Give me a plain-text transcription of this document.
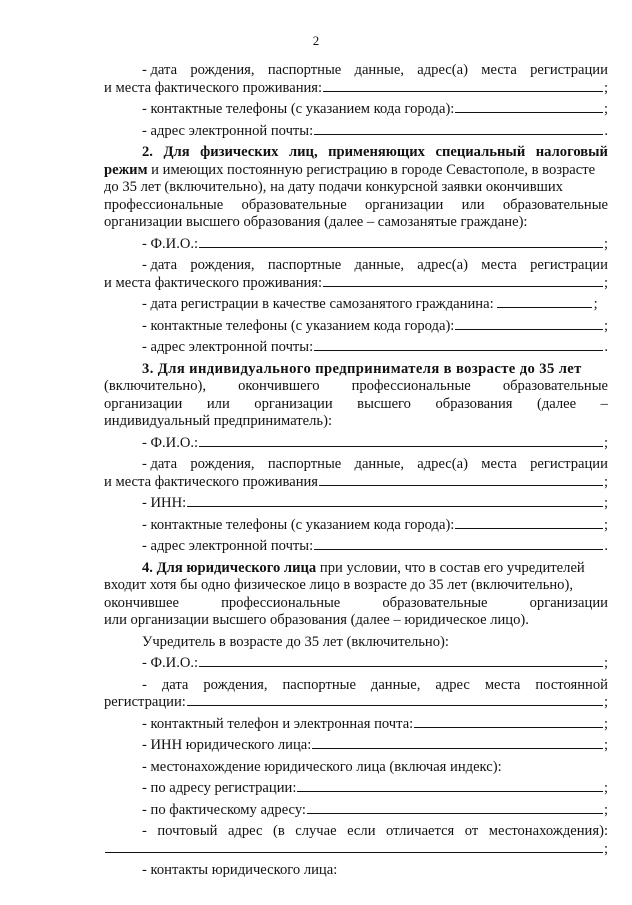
2
- дата рождения, паспортные данные, адрес(а) места регистрации
и места фактического проживания:	;
- контактные телефоны (с указанием кода города):	;
- адрес электронной почты:	.
2. Для физических лиц, применяющих специальный налоговый
режим и имеющих постоянную регистрацию в городе Севастополе, в возрасте
до 35 лет (включительно), на дату подачи конкурсной заявки окончивших
профессиональные образовательные организации или образовательные
организации высшего образования (далее – самозанятые граждане):
- Ф.И.О.:	;
- дата рождения, паспортные данные, адрес(а) места регистрации
и места фактического проживания:	;
- дата регистрации в качестве самозанятого гражданина:	;
- контактные телефоны (с указанием кода города):	;
- адрес электронной почты:	.
3. Для индивидуального предпринимателя в возрасте до 35 лет
(включительно), окончившего профессиональные образовательные
организации или организации высшего образования (далее –
индивидуальный предприниматель):
- Ф.И.О.:	;
- дата рождения, паспортные данные, адрес(а) места регистрации
и места фактического проживания	;
- ИНН:	;
- контактные телефоны (с указанием кода города):	;
- адрес электронной почты:	.
4. Для юридического лица при условии, что в состав его учредителей
входит хотя бы одно физическое лицо в возрасте до 35 лет (включительно),
окончившее	профессиональные	образовательные	организации
или организации высшего образования (далее – юридическое лицо).
Учредитель в возрасте до 35 лет (включительно):
- Ф.И.О.:	;
- дата рождения, паспортные данные, адрес места постоянной
регистрации:	;
- контактный телефон и электронная почта:	;
- ИНН юридического лица:	;
- местонахождение юридического лица (включая индекс):
- по адресу регистрации:	;
- по фактическому адресу:	;
- почтовый адрес (в случае если отличается от местонахождения):
;
- контакты юридического лица:
